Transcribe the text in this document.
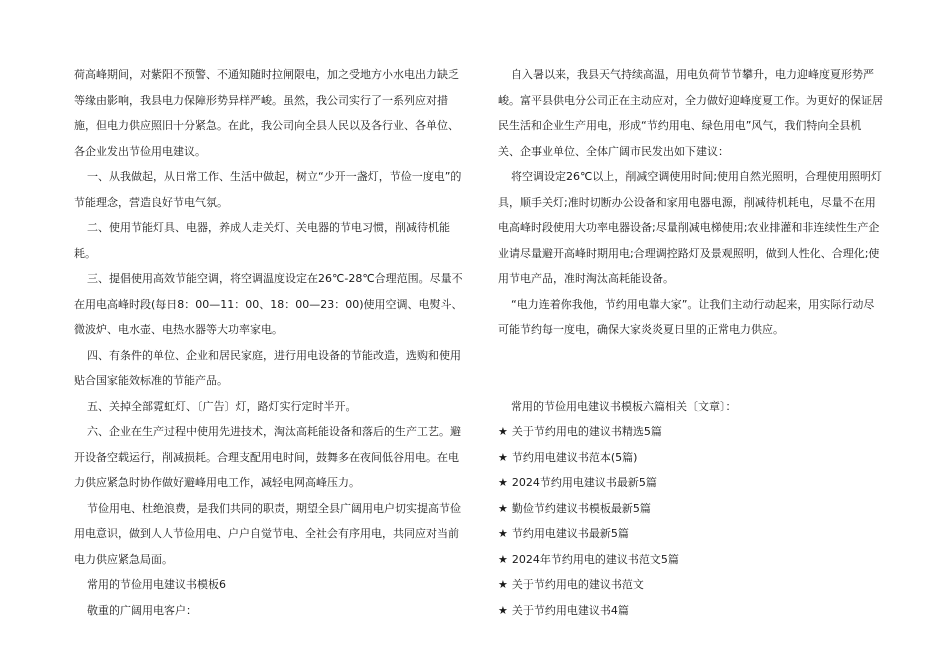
荷高峰期间，对紫阳不预警、不通知随时拉闸限电，加之受地方小水电出力缺乏等缘由影响，我县电力保障形势异样严峻。虽然，我公司实行了一系列应对措施，但电力供应照旧十分紧急。在此，我公司向全县人民以及各行业、各单位、各企业发出节俭用电建议。

一、从我做起，从日常工作、生活中做起，树立“少开一盏灯，节俭一度电”的节能理念，营造良好节电气氛。

二、使用节能灯具、电器，养成人走关灯、关电器的节电习惯，削减待机能耗。

三、提倡使用高效节能空调，将空调温度设定在26℃-28℃合理范围。尽量不在用电高峰时段(每日8：00—11：00、18：00—23：00)使用空调、电熨斗、微波炉、电水壶、电热水器等大功率家电。

四、有条件的单位、企业和居民家庭，进行用电设备的节能改造，选购和使用贴合国家能效标准的节能产品。

五、关掉全部霓虹灯、〔广告〕灯，路灯实行定时半开。

六、企业在生产过程中使用先进技术，淘汰高耗能设备和落后的生产工艺。避开设备空载运行，削减损耗。合理支配用电时间，鼓舞多在夜间低谷用电。在电力供应紧急时协作做好避峰用电工作，减轻电网高峰压力。

节俭用电、杜绝浪费，是我们共同的职责，期望全县广阔用电户切实提高节俭用电意识，做到人人节俭用电、户户自觉节电、全社会有序用电，共同应对当前电力供应紧急局面。

常用的节俭用电建议书模板6

敬重的广阔用电客户：

自入暑以来，我县天气持续高温，用电负荷节节攀升，电力迎峰度夏形势严峻。富平县供电分公司正在主动应对，全力做好迎峰度夏工作。为更好的保证居民生活和企业生产用电，形成“节约用电、绿色用电”风气，我们特向全县机关、企事业单位、全体广阔市民发出如下建议：

将空调设定26℃以上，削减空调使用时间;使用自然光照明，合理使用照明灯具，顺手关灯;准时切断办公设备和家用电器电源，削减待机耗电，尽量不在用电高峰时段使用大功率电器设备;尽量削减电梯使用;农业排灌和非连续性生产企业请尽量避开高峰时期用电;合理调控路灯及景观照明，做到人性化、合理化;使用节电产品，准时淘汰高耗能设备。

“电力连着你我他，节约用电靠大家”。让我们主动行动起来，用实际行动尽可能节约每一度电，确保大家炎炎夏日里的正常电力供应。

常用的节俭用电建议书模板六篇相关〔文章〕：

★ 关于节约用电的建议书精选5篇
★ 节约用电建议书范本(5篇)
★ 2024节约用电建议书最新5篇
★ 勤俭节约建议书模板最新5篇
★ 节约用电建议书最新5篇
★ 2024年节约用电的建议书范文5篇
★ 关于节约用电的建议书范文
★ 关于节约用电建议书4篇
